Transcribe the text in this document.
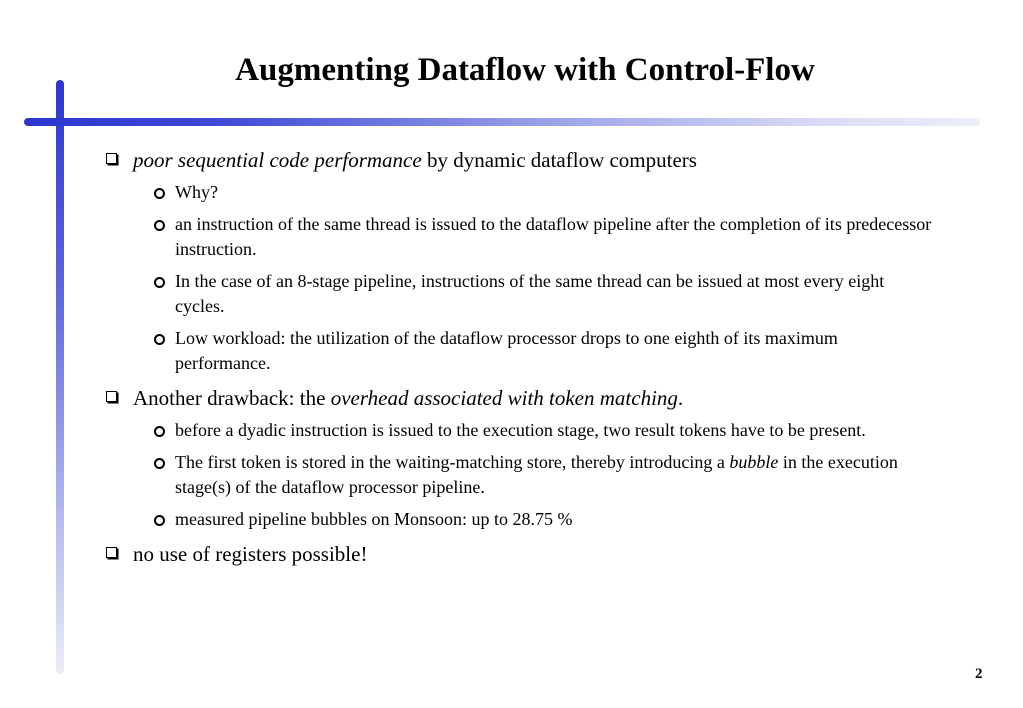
Augmenting Dataflow with Control-Flow
poor sequential code performance by dynamic dataflow computers
Why?
an instruction of the same thread is issued to the dataflow pipeline after the completion of its predecessor instruction.
In the case of an 8-stage pipeline, instructions of the same thread can be issued at most every eight cycles.
Low workload: the utilization of the dataflow processor drops to one eighth of its maximum performance.
Another drawback: the overhead associated with token matching.
before a dyadic instruction is issued to the execution stage, two result tokens have to be present.
The first token is stored in the waiting-matching store, thereby introducing a bubble in the execution stage(s) of the dataflow processor pipeline.
measured pipeline bubbles on Monsoon: up to 28.75 %
no use of registers possible!
2
